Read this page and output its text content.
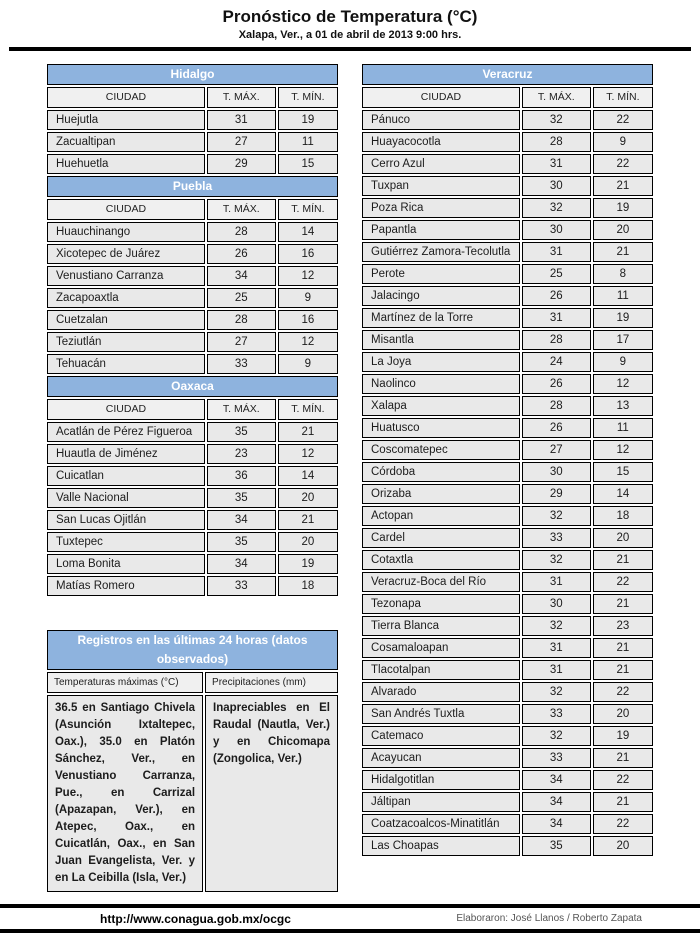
Pronóstico de Temperatura (°C)
Xalapa, Ver., a 01 de abril de 2013 9:00 hrs.
Hidalgo		
CIUDAD	T. MÁX.	T. MÍN.
Huejutla	31	19
Zacualtipan	27	11
Huehuetla	29	15
Puebla		
CIUDAD	T. MÁX.	T. MÍN.
Huauchinango	28	14
Xicotepec de Juárez	26	16
Venustiano Carranza	34	12
Zacapoaxtla	25	9
Cuetzalan	28	16
Teziutlán	27	12
Tehuacán	33	9
Oaxaca		
CIUDAD	T. MÁX.	T. MÍN.
Acatlán de Pérez Figueroa	35	21
Huautla de Jiménez	23	12
Cuicatlan	36	14
Valle Nacional	35	20
San Lucas Ojitlán	34	21
Tuxtepec	35	20
Loma Bonita	34	19
Matías Romero	33	18
Registros en las últimas 24 horas (datos observados)	
Temperaturas máximas (°C)	Precipitaciones (mm)
36.5 en Santiago Chivela (Asunción Ixtaltepec, Oax.), 35.0 en Platón Sánchez, Ver., en Venustiano Carranza, Pue., en Carrizal (Apazapan, Ver.), en Atepec, Oax., en Cuicatlán, Oax., en San Juan Evangelista, Ver. y en La Ceibilla (Isla, Ver.)	Inapreciables en El Raudal (Nautla, Ver.) y en Chicomapa (Zongolica, Ver.)
Veracruz		
CIUDAD	T. MÁX.	T. MÍN.
Pánuco	32	22
Huayacocotla	28	9
Cerro Azul	31	22
Tuxpan	30	21
Poza Rica	32	19
Papantla	30	20
Gutiérrez Zamora-Tecolutla	31	21
Perote	25	8
Jalacingo	26	11
Martínez de la Torre	31	19
Misantla	28	17
La Joya	24	9
Naolinco	26	12
Xalapa	28	13
Huatusco	26	11
Coscomatepec	27	12
Córdoba	30	15
Orizaba	29	14
Actopan	32	18
Cardel	33	20
Cotaxtla	32	21
Veracruz-Boca del Río	31	22
Tezonapa	30	21
Tierra Blanca	32	23
Cosamaloapan	31	21
Tlacotalpan	31	21
Alvarado	32	22
San Andrés Tuxtla	33	20
Catemaco	32	19
Acayucan	33	21
Hidalgotitlan	34	22
Jáltipan	34	21
Coatzacoalcos-Minatitlán	34	22
Las Choapas	35	20
http://www.conagua.gob.mx/ocgc	Elaboraron: José Llanos / Roberto Zapata
